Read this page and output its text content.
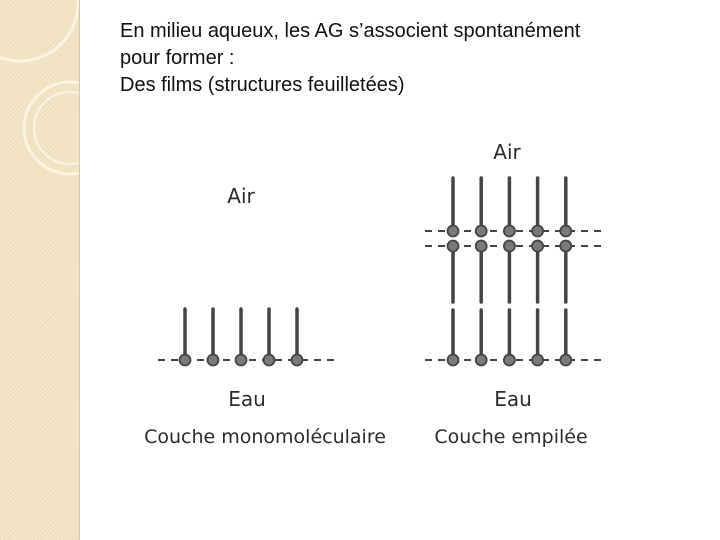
En milieu aqueux, les AG s’associent spontanément
pour former :
Des films (structures feuilletées)
Air
Eau
Couche monomoléculaire
Air
Eau
Couche empilée
